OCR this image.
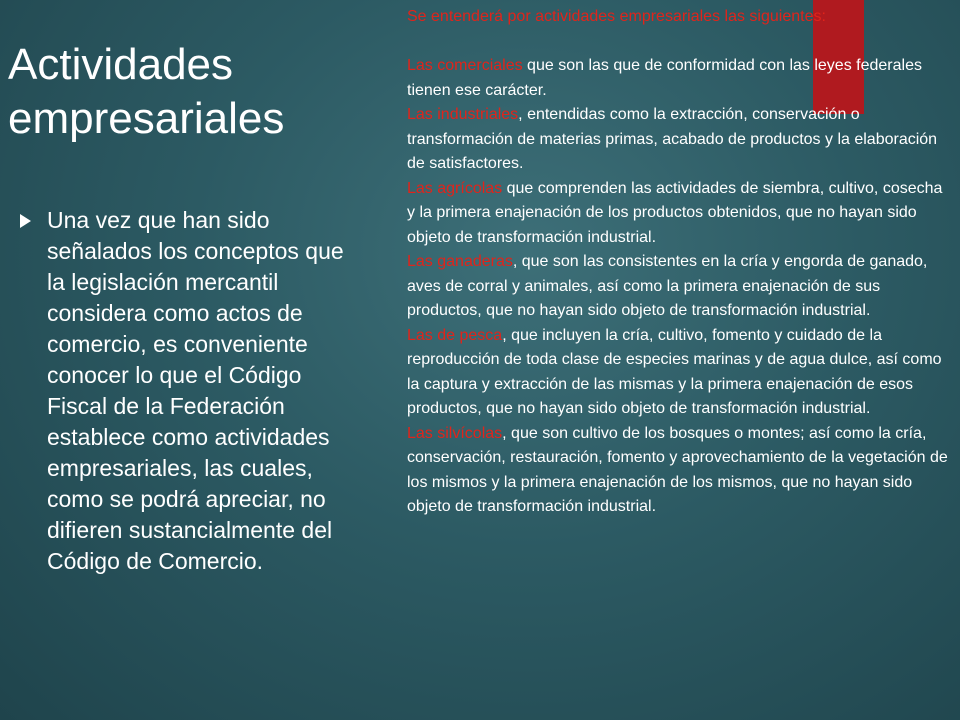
Actividades empresariales
Una vez que han sido señalados los conceptos que la legislación mercantil considera como actos de comercio, es conveniente conocer lo que el Código Fiscal de la Federación establece como actividades empresariales, las cuales, como se podrá apreciar, no difieren sustancialmente del Código de Comercio.

Se entenderá por actividades empresariales las siguientes:

Las comerciales que son las que de conformidad con las leyes federales tienen ese carácter.

Las industriales, entendidas como la extracción, conservación o transformación de materias primas, acabado de productos y la elaboración de satisfactores.

Las agrícolas que comprenden las actividades de siembra, cultivo, cosecha y la primera enajenación de los productos obtenidos, que no hayan sido objeto de transformación industrial.

Las ganaderas, que son las consistentes en la cría y engorda de ganado, aves de corral y animales, así como la primera enajenación de sus productos, que no hayan sido objeto de transformación industrial.

Las de pesca, que incluyen la cría, cultivo, fomento y cuidado de la reproducción de toda clase de especies marinas y de agua dulce, así como la captura y extracción de las mismas y la primera enajenación de esos productos, que no hayan sido objeto de transformación industrial.

Las silvícolas, que son cultivo de los bosques o montes; así como la cría, conservación, restauración, fomento y aprovechamiento de la vegetación de los mismos y la primera enajenación de los mismos, que no hayan sido objeto de transformación industrial.
